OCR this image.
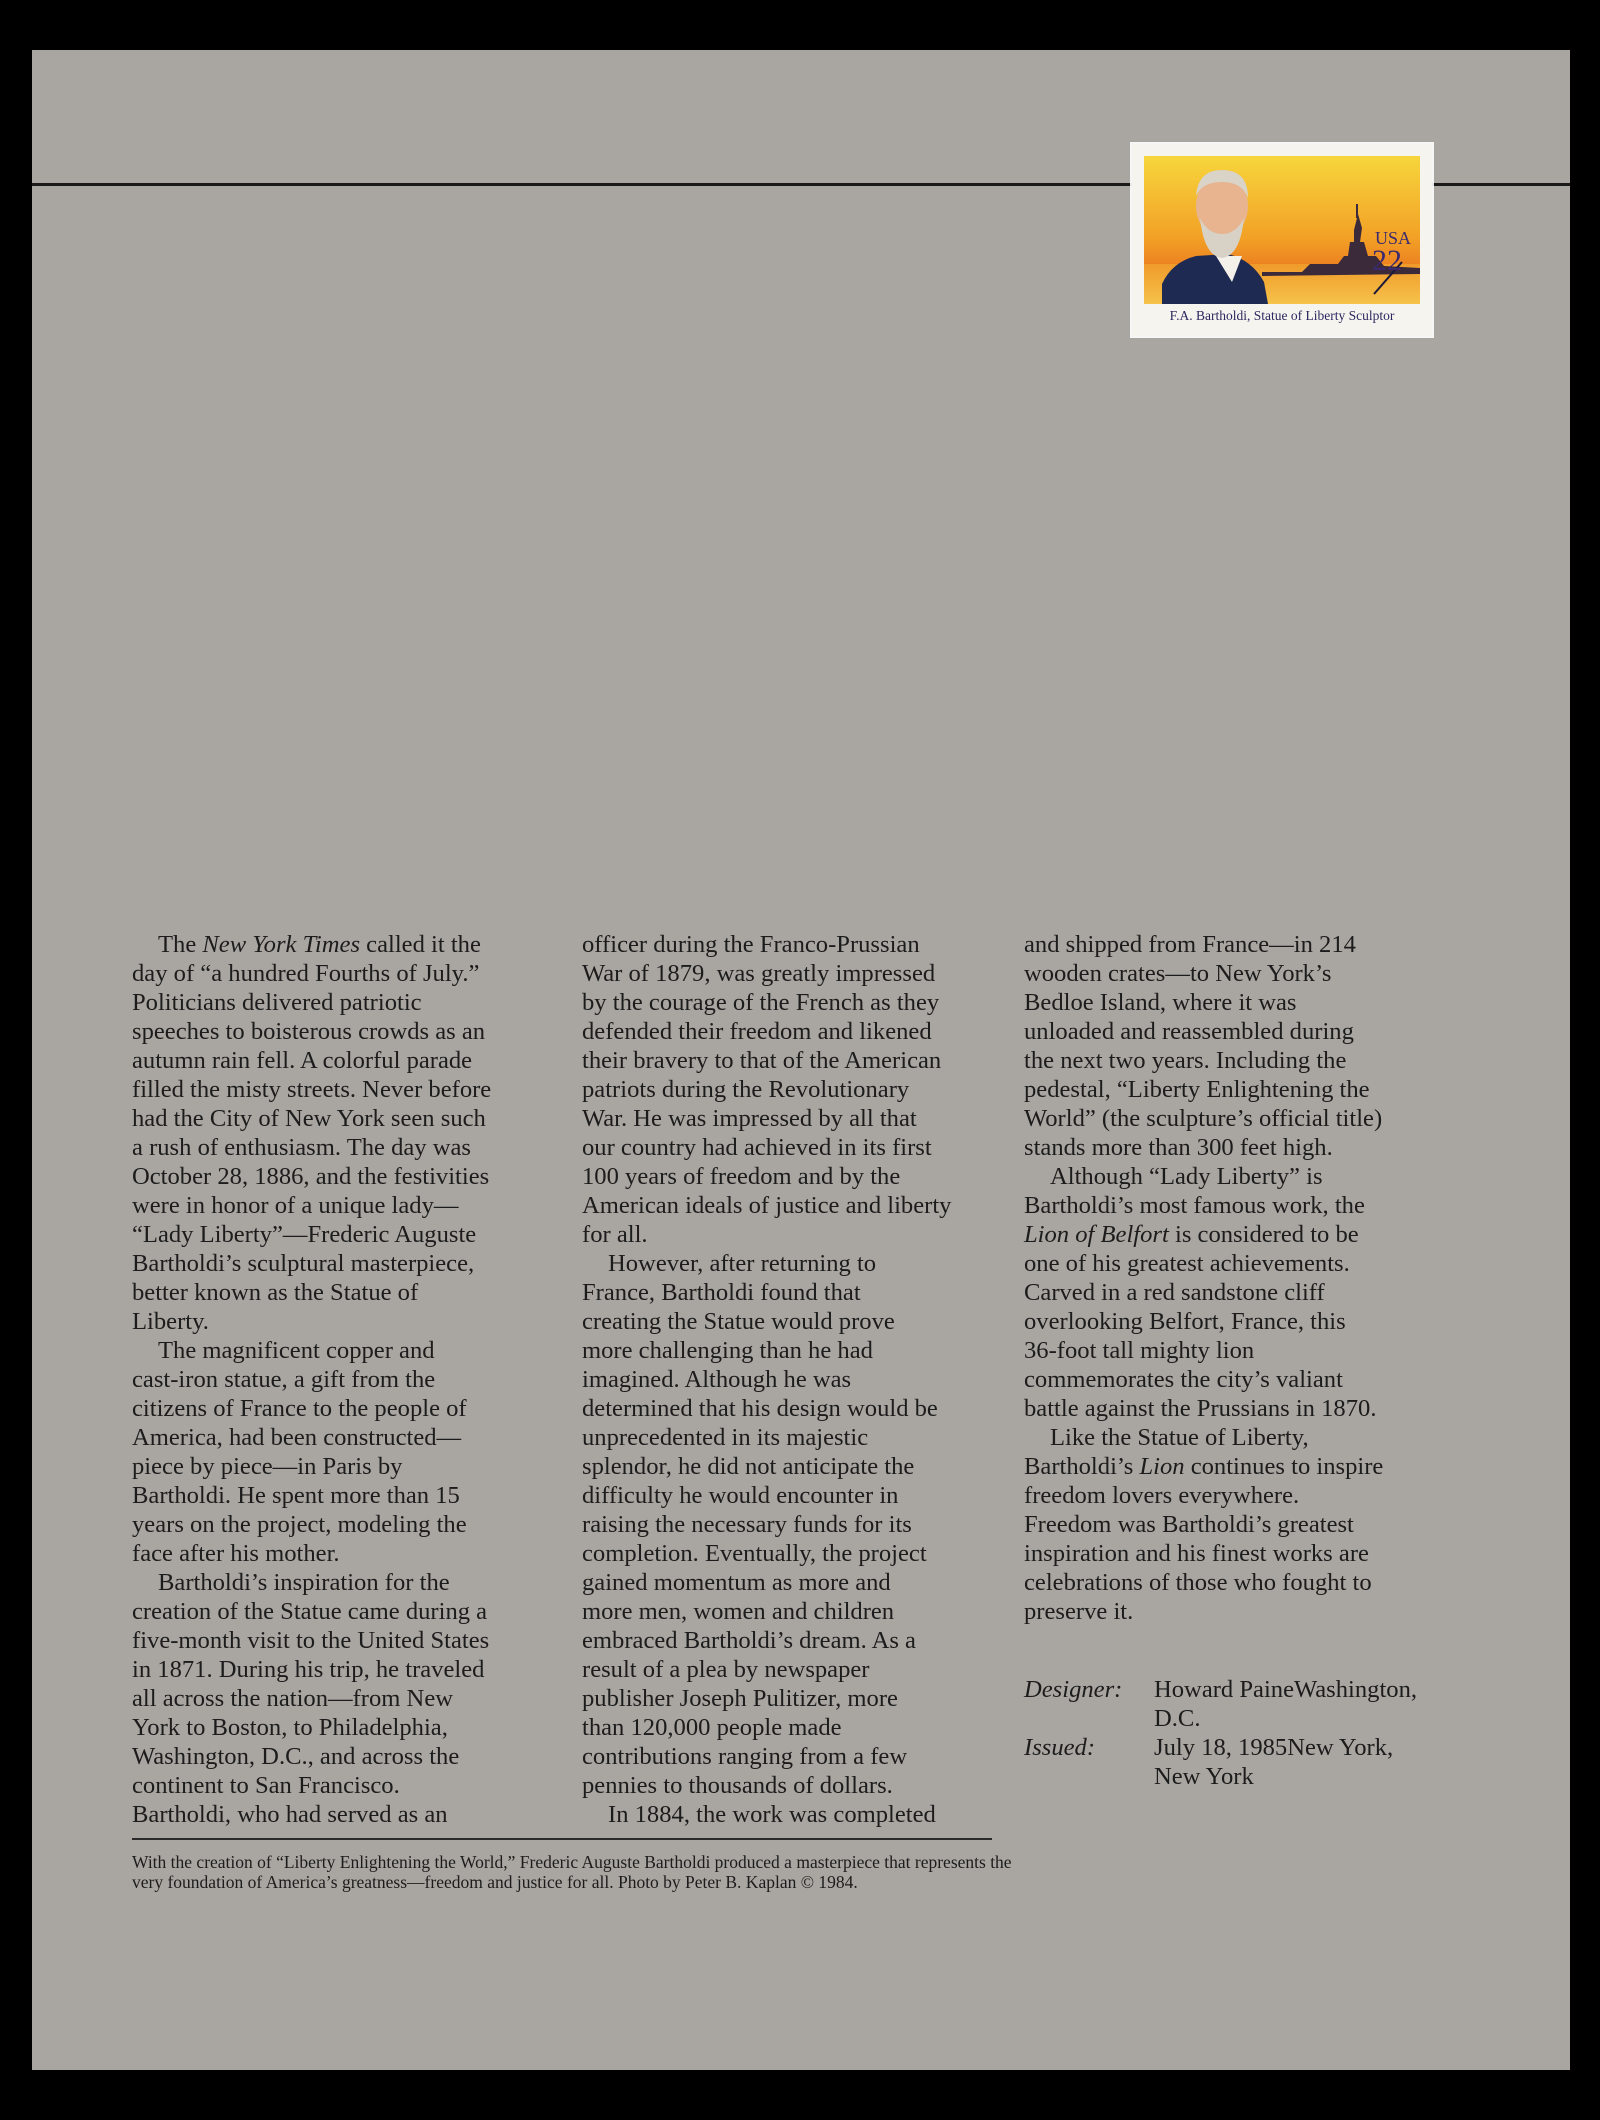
USA
22
F.A. Bartholdi, Statue of Liberty Sculptor

The New York Times called it the

day of “a hundred Fourths of July.”
Politicians delivered patriotic
speeches to boisterous crowds as an
autumn rain fell. A colorful parade
filled the misty streets. Never before
had the City of New York seen such
a rush of enthusiasm. The day was
October 28, 1886, and the festivities
were in honor of a unique lady—
“Lady Liberty”—Frederic Auguste
Bartholdi’s sculptural masterpiece,
better known as the Statue of
Liberty.
The magnificent copper and
cast-iron statue, a gift from the
citizens of France to the people of
America, had been constructed—
piece by piece—in Paris by
Bartholdi. He spent more than 15
years on the project, modeling the
face after his mother.
Bartholdi’s inspiration for the
creation of the Statue came during a
five-month visit to the United States
in 1871. During his trip, he traveled
all across the nation—from New
York to Boston, to Philadelphia,
Washington, D.C., and across the
continent to San Francisco.
Bartholdi, who had served as an
officer during the Franco-Prussian
War of 1879, was greatly impressed
by the courage of the French as they
defended their freedom and likened
their bravery to that of the American
patriots during the Revolutionary
War. He was impressed by all that
our country had achieved in its first
100 years of freedom and by the
American ideals of justice and liberty
for all.
However, after returning to
France, Bartholdi found that
creating the Statue would prove
more challenging than he had
imagined. Although he was
determined that his design would be
unprecedented in its majestic
splendor, he did not anticipate the
difficulty he would encounter in
raising the necessary funds for its
completion. Eventually, the project
gained momentum as more and
more men, women and children
embraced Bartholdi’s dream. As a
result of a plea by newspaper
publisher Joseph Pulitizer, more
than 120,000 people made
contributions ranging from a few
pennies to thousands of dollars.
In 1884, the work was completed
and shipped from France—in 214
wooden crates—to New York’s
Bedloe Island, where it was
unloaded and reassembled during
the next two years. Including the
pedestal, “Liberty Enlightening the
World” (the sculpture’s official title)
stands more than 300 feet high.

Although “Lady Liberty” is

Bartholdi’s most famous work, the
Lion of Belfort is considered to be
one of his greatest achievements.
Carved in a red sandstone cliff
overlooking Belfort, France, this
36-foot tall mighty lion
commemorates the city’s valiant
battle against the Prussians in 1870.

Like the Statue of Liberty,

Bartholdi’s Lion continues to inspire
freedom lovers everywhere.
Freedom was Bartholdi’s greatest
inspiration and his finest works are
celebrations of those who fought to
preserve it.
Designer:	Howard PaineWashington, D.C.
Issued:	July 18, 1985New York, New York
With the creation of “Liberty Enlightening the World,” Frederic Auguste Bartholdi produced a masterpiece that represents the very foundation of America’s greatness—freedom and justice for all. Photo by Peter B. Kaplan © 1984.
